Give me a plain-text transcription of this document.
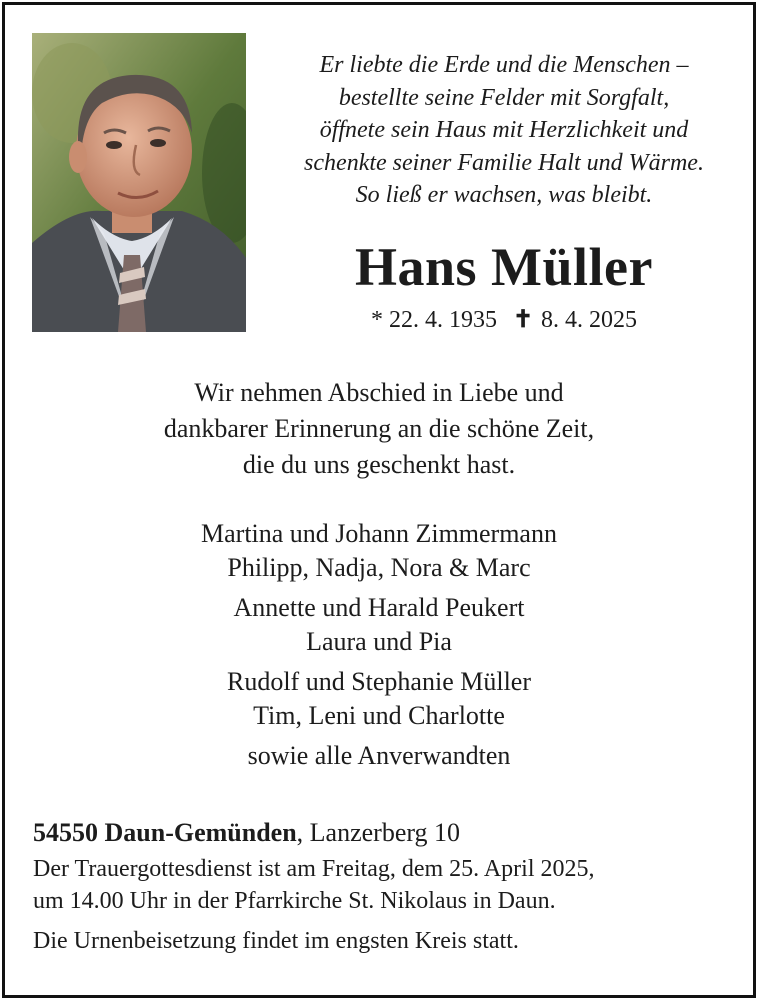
Er liebte die Erde und die Menschen –
bestellte seine Felder mit Sorgfalt,
öffnete sein Haus mit Herzlichkeit und
schenkte seiner Familie Halt und Wärme.
So ließ er wachsen, was bleibt.
Hans Müller
* 22. 4. 1935 ✝ 8. 4. 2025
Wir nehmen Abschied in Liebe und
dankbarer Erinnerung an die schöne Zeit,
die du uns geschenkt hast.
Martina und Johann Zimmermann
Philipp, Nadja, Nora & Marc
Annette und Harald Peukert
Laura und Pia
Rudolf und Stephanie Müller
Tim, Leni und Charlotte
sowie alle Anverwandten
54550 Daun-Gemünden, Lanzerberg 10
Der Trauergottesdienst ist am Freitag, dem 25. April 2025,
um 14.00 Uhr in der Pfarrkirche St. Nikolaus in Daun.
Die Urnenbeisetzung findet im engsten Kreis statt.
